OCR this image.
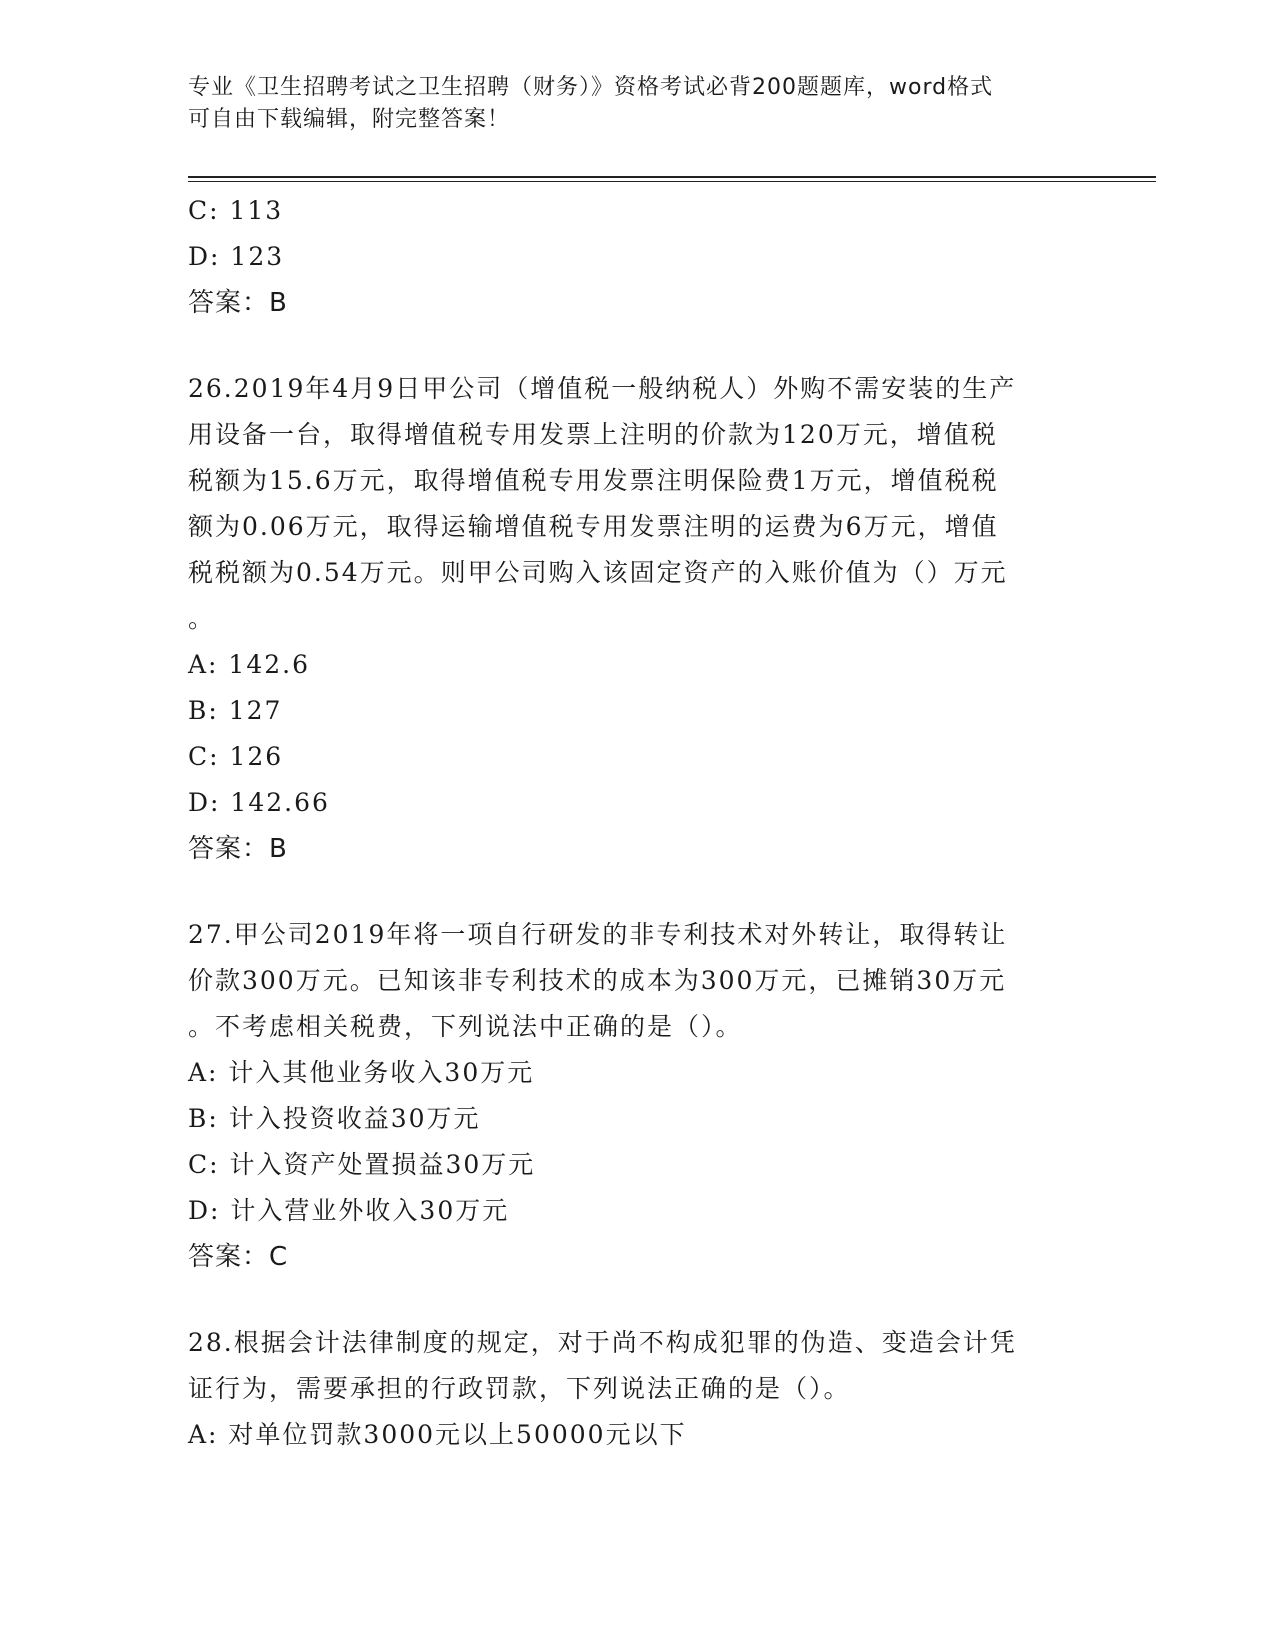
专业《卫生招聘考试之卫生招聘（财务）》资格考试必背200题题库，word格式
可自由下载编辑，附完整答案！

C: 113

D: 123

答案：B

26.2019年4月9日甲公司（增值税一般纳税人）外购不需安装的生产

用设备一台，取得增值税专用发票上注明的价款为120万元，增值税

税额为15.6万元，取得增值税专用发票注明保险费1万元，增值税税

额为0.06万元，取得运输增值税专用发票注明的运费为6万元，增值

税税额为0.54万元。则甲公司购入该固定资产的入账价值为（）万元

。

A: 142.6

B: 127

C: 126

D: 142.66

答案：B

27.甲公司2019年将一项自行研发的非专利技术对外转让，取得转让

价款300万元。已知该非专利技术的成本为300万元，已摊销30万元

。不考虑相关税费，下列说法中正确的是（）。

A: 计入其他业务收入30万元

B: 计入投资收益30万元

C: 计入资产处置损益30万元

D: 计入营业外收入30万元

答案：C

28.根据会计法律制度的规定，对于尚不构成犯罪的伪造、变造会计凭

证行为，需要承担的行政罚款，下列说法正确的是（）。

A: 对单位罚款3000元以上50000元以下
